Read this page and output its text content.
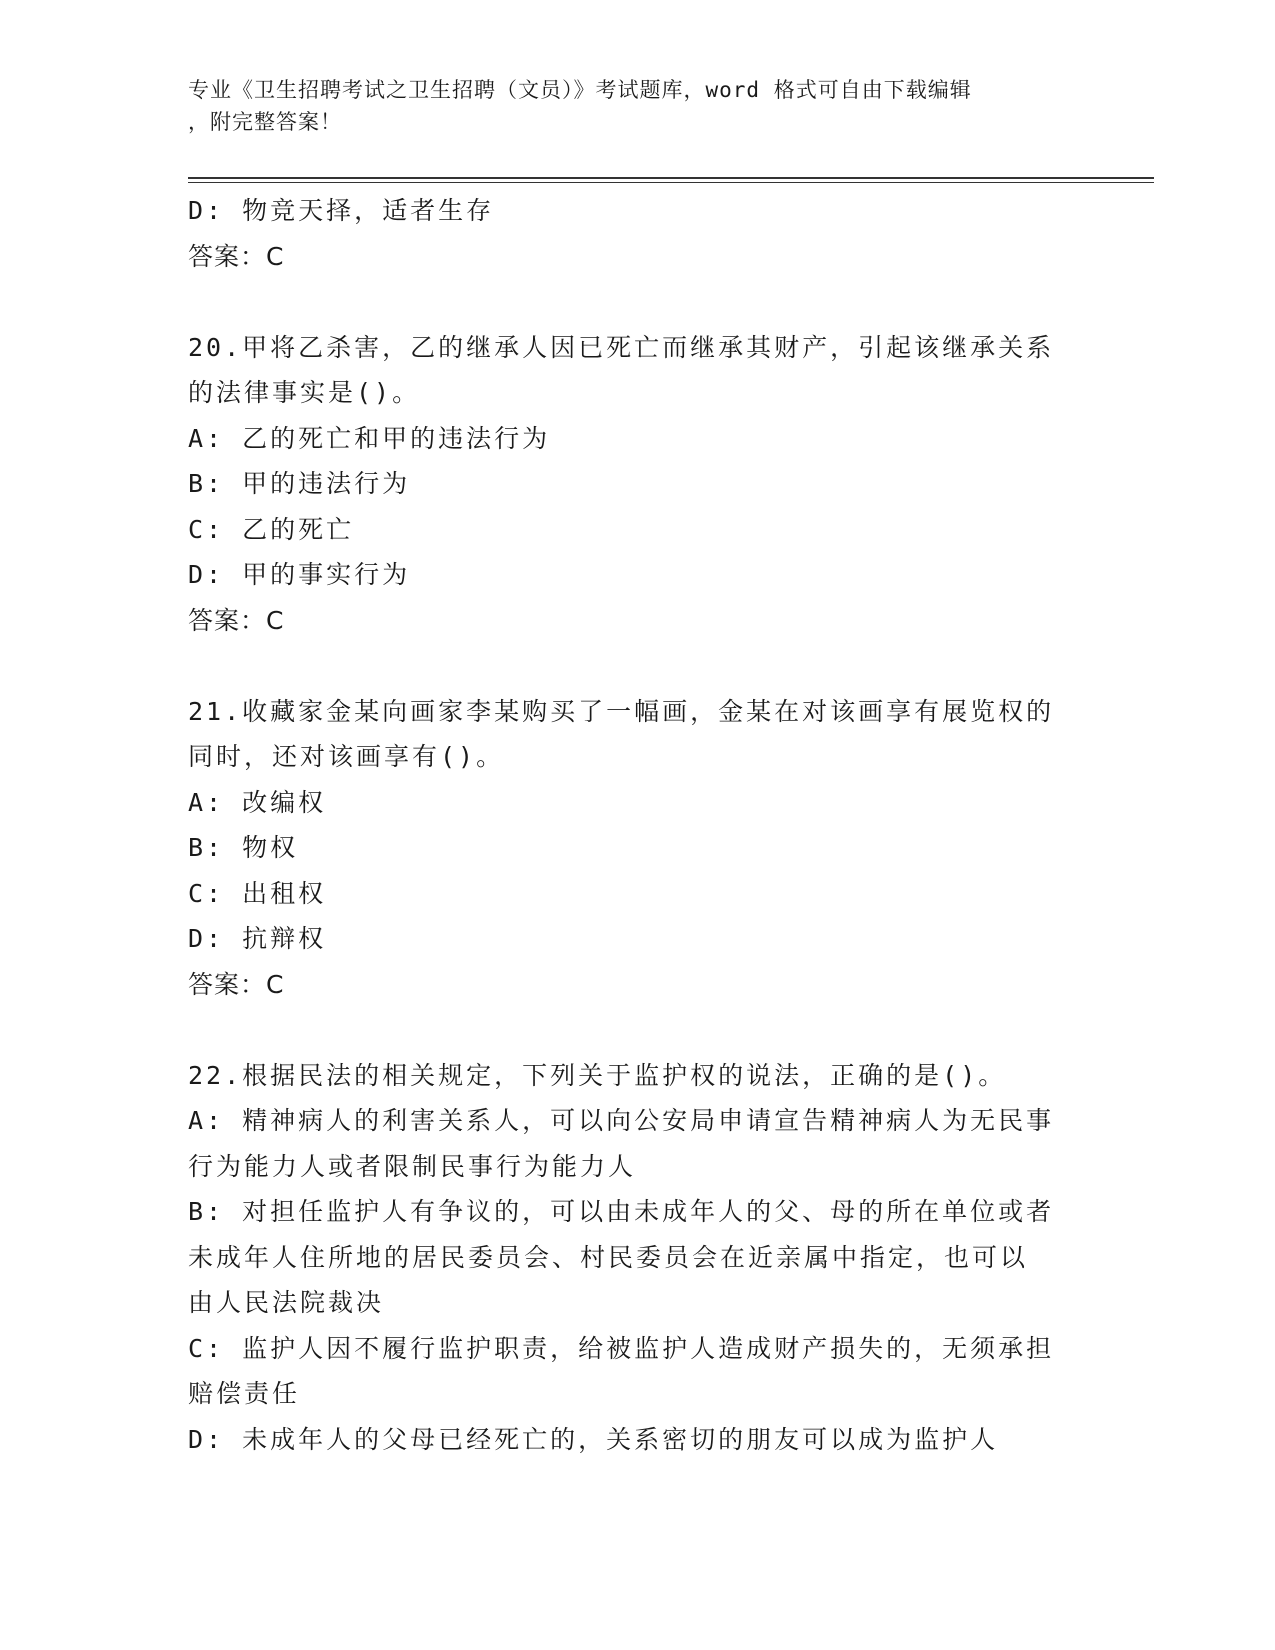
专业《卫生招聘考试之卫生招聘（文员）》考试题库，word 格式可自由下载编辑
，附完整答案！
D: 物竞天择，适者生存
答案：C
20.甲将乙杀害，乙的继承人因已死亡而继承其财产，引起该继承关系
的法律事实是()。
A: 乙的死亡和甲的违法行为
B: 甲的违法行为
C: 乙的死亡
D: 甲的事实行为
答案：C
21.收藏家金某向画家李某购买了一幅画，金某在对该画享有展览权的
同时，还对该画享有()。
A: 改编权
B: 物权
C: 出租权
D: 抗辩权
答案：C
22.根据民法的相关规定，下列关于监护权的说法，正确的是()。
A: 精神病人的利害关系人，可以向公安局申请宣告精神病人为无民事
行为能力人或者限制民事行为能力人
B: 对担任监护人有争议的，可以由未成年人的父、母的所在单位或者
未成年人住所地的居民委员会、村民委员会在近亲属中指定，也可以
由人民法院裁决
C: 监护人因不履行监护职责，给被监护人造成财产损失的，无须承担
赔偿责任
D: 未成年人的父母已经死亡的，关系密切的朋友可以成为监护人
